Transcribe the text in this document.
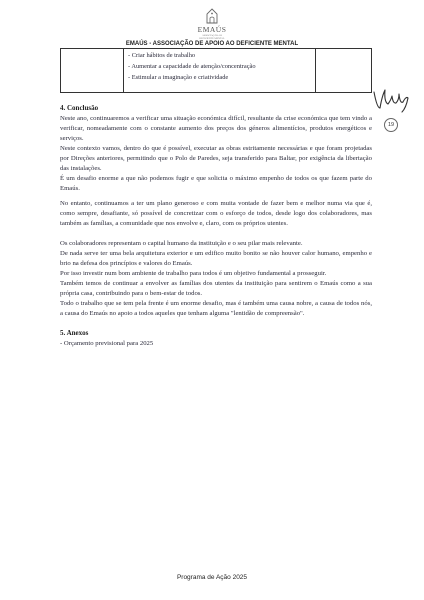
EMAÚS
ASSOCIAÇÃO AO DEFICIENTE MENTAL
EMAÚS - ASSOCIAÇÃO DE APOIO AO DEFICIENTE MENTAL
- Criar hábitos de trabalho
- Aumentar a capacidade de atenção/concentração
- Estimular a imaginação e criatividade
19
4. Conclusão

Neste ano, continuaremos a verificar uma situação económica difícil, resultante da crise económica que tem vindo a verificar, nomeadamente com o constante aumento dos preços dos géneros alimentícios, produtos energéticos e serviços.

Neste contexto vamos, dentro do que é possível, executar as obras estritamente necessárias e que foram projetadas por Direções anteriores, permitindo que o Polo de Paredes, seja transferido para Baltar, por exigência da libertação das instalações.

É um desafio enorme a que não podemos fugir e que solicita o máximo empenho de todos os que fazem parte do Emaús.

No entanto, continuamos a ter um plano generoso e com muita vontade de fazer bem e melhor numa via que é, como sempre, desafiante, só possível de concretizar com o esforço de todos, desde logo dos colaboradores, mas também as famílias, a comunidade que nos envolve e, claro, com os próprios utentes.

Os colaboradores representam o capital humano da instituição e o seu pilar mais relevante.

De nada serve ter uma bela arquitetura exterior e um edifico muito bonito se não houver calor humano, empenho e brio na defesa dos princípios e valores do Emaús.

Por isso investir num bom ambiente de trabalho para todos é um objetivo fundamental a prosseguir.

Também temos de continuar a envolver as famílias dos utentes da instituição para sentirem o Emaús como a sua própria casa, contribuindo para o bem-estar de todos.

Todo o trabalho que se tem pela frente é um enorme desafio, mas é também uma causa nobre, a causa de todos nós, a causa do Emaús no apoio a todos aqueles que tenham alguma "lentidão de compreensão".

5. Anexos

- Orçamento previsional para 2025

Programa de Ação 2025
